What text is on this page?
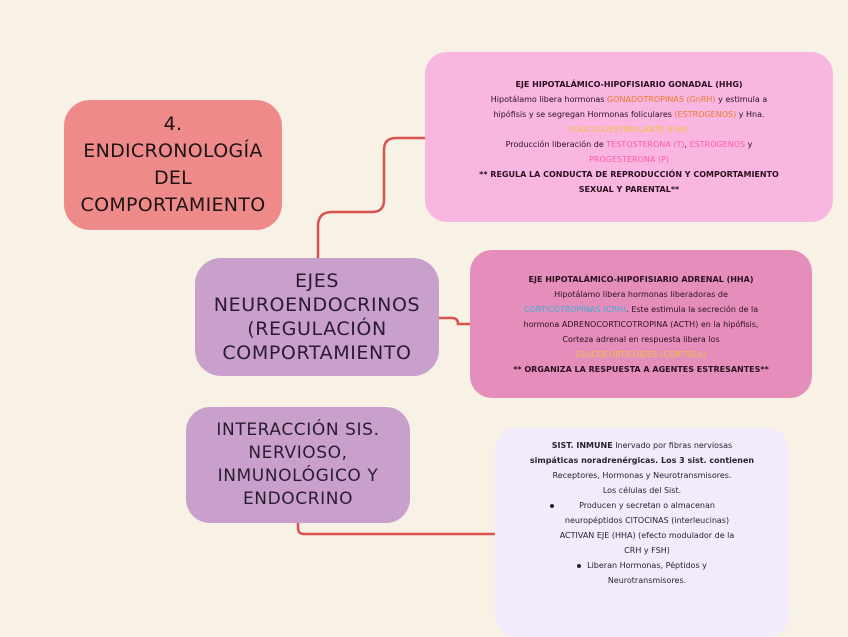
4.
ENDICRONOLOGÍA
DEL
COMPORTAMIENTO
EJES
NEUROENDOCRINOS
(REGULACIÓN
COMPORTAMIENTO
INTERACCIÓN SIS.
NERVIOSO,
INMUNOLÓGICO Y
ENDOCRINO
EJE HIPOTALÁMICO-HIPOFISIARIO GONADAL (HHG)
Hipotálamo libera hormonas GONADOTROPINAS (GnRH) y estimula a
hipófisis y se segregan Hormonas foliculares (ESTROGENOS) y Hna.
FOLICULOESTIMULANTE (FSH)
Producción liberación de TESTOSTERONA (T), ESTROGENOS y
PROGESTERONA (P)
** REGULA LA CONDUCTA DE REPRODUCCIÓN Y COMPORTAMIENTO
SEXUAL Y PARENTAL**
EJE HIPOTALÁMICO-HIPOFISIARIO ADRENAL (HHA)
Hipotálamo libera hormonas liberadoras de
CORTICOTROPINAS (CRH). Este estimula la secreción de la
hormona ADRENOCORTICOTROPINA (ACTH) en la hipófisis,
Corteza adrenal en respuesta libera los
GLUCOCORTICOIDES (CORTISOL)
** ORGANIZA LA RESPUESTA A AGENTES ESTRESANTES**
SIST. INMUNE Inervado por fibras nerviosas
simpáticas noradrenérgicas. Los 3 sist. contienen
Receptores, Hormonas y Neurotransmisores.
Los células del Sist.
Producen y secretan o almacenan
neuropéptidos CITOCINAS (interleucinas)
ACTIVAN EJE (HHA) (efecto modulador de la
CRH y FSH)
Liberan Hormonas, Péptidos y
Neurotransmisores.
